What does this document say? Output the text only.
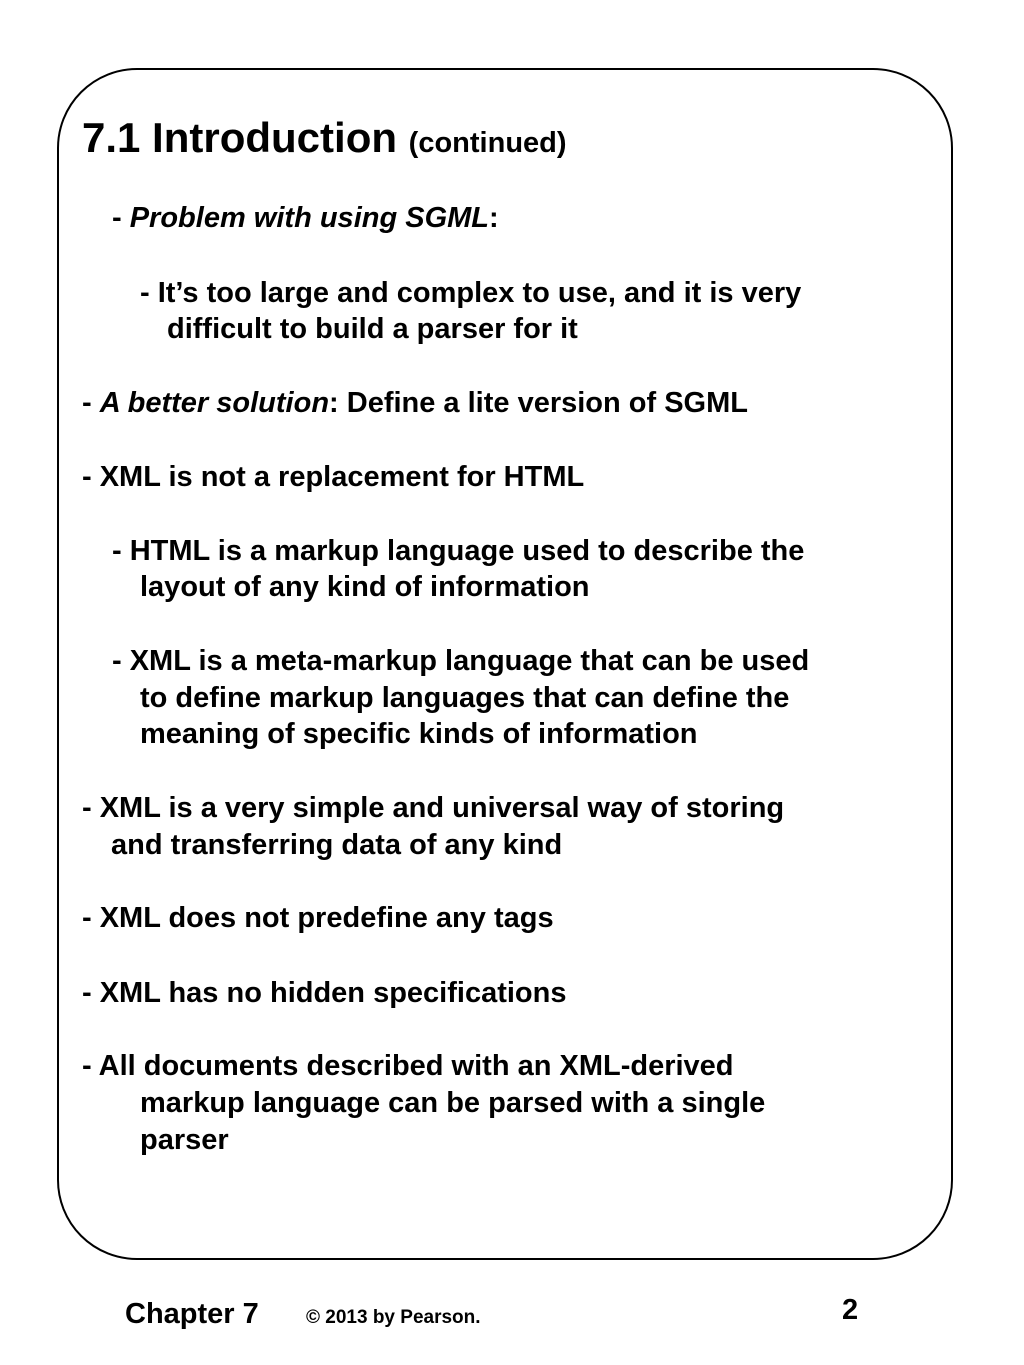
7.1 Introduction (continued)

- Problem with using SGML:

- It’s too large and complex to use, and it is very

difficult to build a parser for it

- A better solution: Define a lite version of SGML

- XML is not a replacement for HTML

- HTML is a markup language used to describe the

layout of any kind of information

- XML is a meta-markup language that can be used

to define markup languages that can define the

meaning of specific kinds of information

- XML is a very simple and universal way of storing

and transferring data of any kind

- XML does not predefine any tags

- XML has no hidden specifications

- All documents described with an XML-derived

markup language can be parsed with a single

parser

Chapter 7 © 2013 by Pearson.	2
